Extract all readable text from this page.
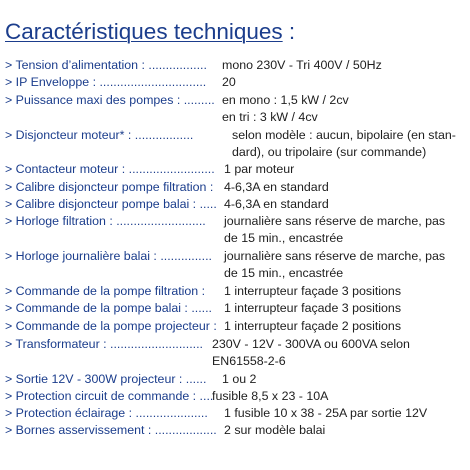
Caractéristiques techniques :
> Tension d’alimentation : ................. mono 230V - Tri 400V / 50Hz
> IP Enveloppe : ............................... 20
> Puissance maxi des pompes : ......... en mono : 1,5 kW / 2cv
en tri : 3 kW / 4cv
> Disjoncteur moteur* : .................	selon modèle : aucun, bipolaire (en stan-
dard), ou tripolaire (sur commande)
> Contacteur moteur : ......................... 1 par moteur
> Calibre disjoncteur pompe filtration : 4-6,3A en standard
> Calibre disjoncteur pompe balai : ..... 4-6,3A en standard
> Horloge filtration : .......................... journalière sans réserve de marche, pas
de 15 min., encastrée
> Horloge journalière balai : ............... journalière sans réserve de marche, pas
de 15 min., encastrée
> Commande de la pompe filtration : 1 interrupteur façade 3 positions
> Commande de la pompe balai : ...... 1 interrupteur façade 3 positions
> Commande de la pompe projecteur : 1 interrupteur façade 2 positions
> Transformateur : ........................... 230V - 12V - 300VA ou 600VA selon
EN61558-2-6
> Sortie 12V - 300W projecteur : ...... 1 ou 2
> Protection circuit de commande : ....
fusible 8,5 x 23 - 10A
> Protection éclairage : ..................... 1 fusible 10 x 38 - 25A par sortie 12V
> Bornes asservissement : .................. 2 sur modèle balai
